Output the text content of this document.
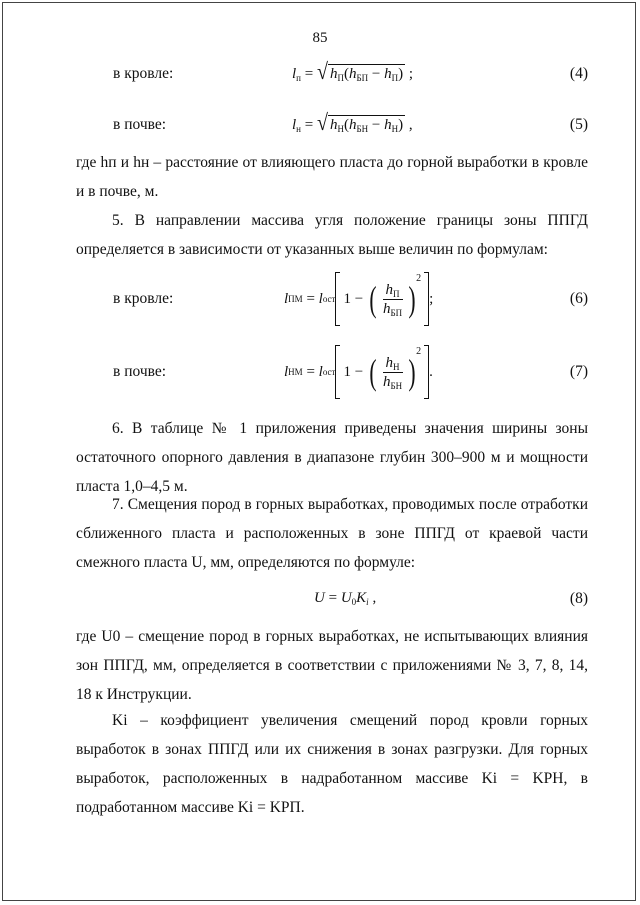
85
в кровле:	$l_п$ = √ $h_П(h_{БП} - h_П)$ ;	(4)
в почве:	$l_н$ = √ $h_Н(h_{БН} - h_Н)$ ,	(5)

где hп и hн – расстояние от влияющего пласта до горной выработки в кровле и в почве, м.

5. В направлении массива угля положение границы зоны ППГД определяется в зависимости от указанных выше величин по формулам:

в кровле:	l ПМ = l ост 1 − ( $\frac{h_П}{h_{БП}}$ )
2
;	(6)
в почве:	l НМ = l ост 1 − ( $\frac{h_Н}{h_{БН}}$ )
2
.	(7)

6. В таблице № 1 приложения приведены значения ширины зоны остаточного опорного давления в диапазоне глубин 300–900 м и мощности пласта 1,0–4,5 м.

7. Смещения пород в горных выработках, проводимых после отработки сближенного пласта и расположенных в зоне ППГД от краевой части смежного пласта U, мм, определяются по формуле:

$U = U_0K_i$ ,	(8)

где U0 – смещение пород в горных выработках, не испытывающих влияния зон ППГД, мм, определяется в соответствии с приложениями № 3, 7, 8, 14, 18 к Инструкции.

Ki – коэффициент увеличения смещений пород кровли горных выработок в зонах ППГД или их снижения в зонах разгрузки. Для горных выработок, расположенных в надработанном массиве Ki = KРН, в подработанном массиве Ki = KРП.
